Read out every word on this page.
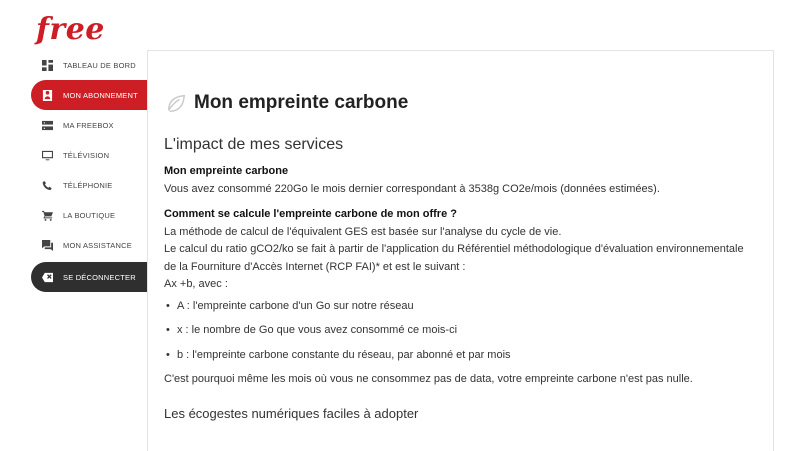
free
TABLEAU DE BORD
MON ABONNEMENT
MA FREEBOX
TÉLÉVISION
TÉLÉPHONIE
LA BOUTIQUE
MON ASSISTANCE
SE DÉCONNECTER
Mon empreinte carbone
L'impact de mes services

Mon empreinte carbone

Vous avez consommé 220Go le mois dernier correspondant à 3538g CO2e/mois (données estimées).

Comment se calcule l'empreinte carbone de mon offre ?

La méthode de calcul de l'équivalent GES est basée sur l'analyse du cycle de vie.

Le calcul du ratio gCO2/ko se fait à partir de l'application du Référentiel méthodologique d'évaluation environnementale de la Fourniture d'Accès Internet (RCP FAI)* et est le suivant :

Ax +b, avec :

• A : l'empreinte carbone d'un Go sur notre réseau
• x : le nombre de Go que vous avez consommé ce mois-ci
• b : l'empreinte carbone constante du réseau, par abonné et par mois

C'est pourquoi même les mois où vous ne consommez pas de data, votre empreinte carbone n'est pas nulle.

Les écogestes numériques faciles à adopter
